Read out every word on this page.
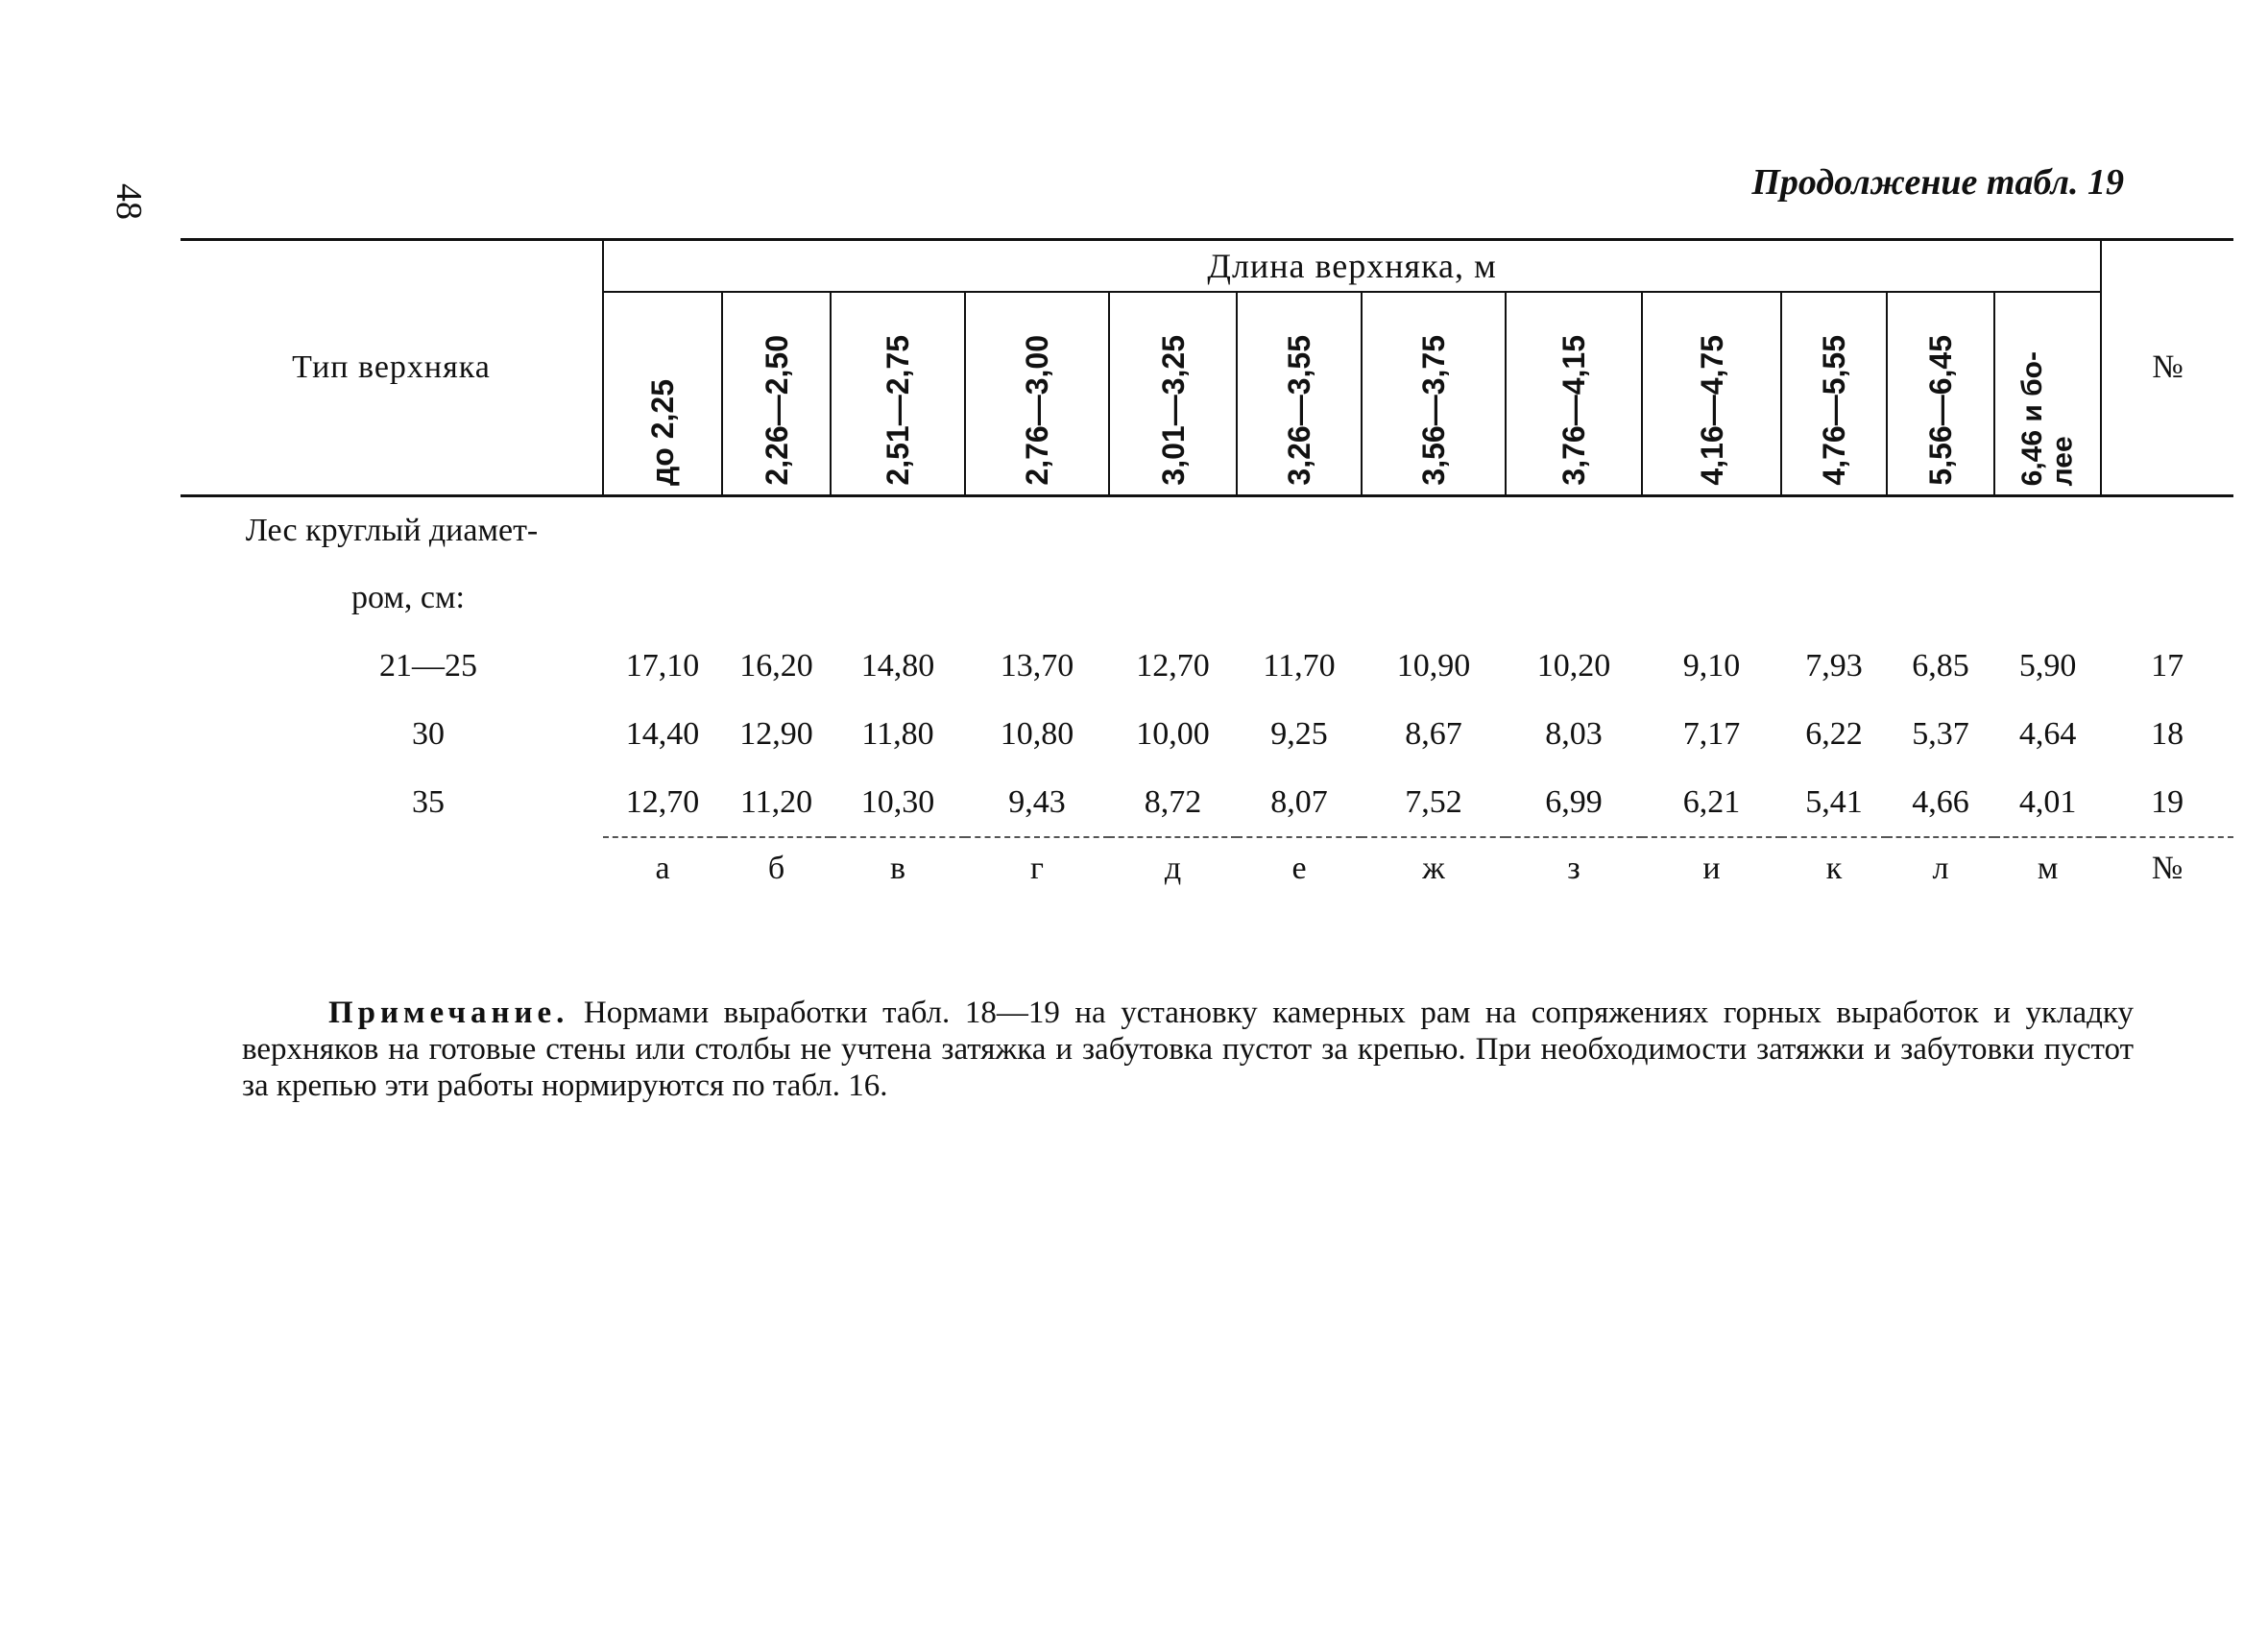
48	Продолжение табл. 19
Тип верхняка	Длина верхняка, м												№
	до 2,25	2,26—2,50	2,51—2,75	2,76—3,00	3,01—3,25	3,26—3,55	3,56—3,75	3,76—4,15	4,16—4,75	4,76—5,55	5,56—6,45	6,46 и бо-
лее	
Лес круглый диамет-													
ром, см:													
21—25	17,10	16,20	14,80	13,70	12,70	11,70	10,90	10,20	9,10	7,93	6,85	5,90	17
30	14,40	12,90	11,80	10,80	10,00	9,25	8,67	8,03	7,17	6,22	5,37	4,64	18
35	12,70	11,20	10,30	9,43	8,72	8,07	7,52	6,99	6,21	5,41	4,66	4,01	19
	а	б	в	г	д	е	ж	з	и	к	л	м	№

Примечание. Нормами выработки табл. 18—19 на установку камерных рам на сопряжениях горных выработок и укладку верхняков на готовые стены или столбы не учтена затяжка и забутовка пустот за крепью. При необходимости затяжки и забутовки пустот за крепью эти работы нормируются по табл. 16.
